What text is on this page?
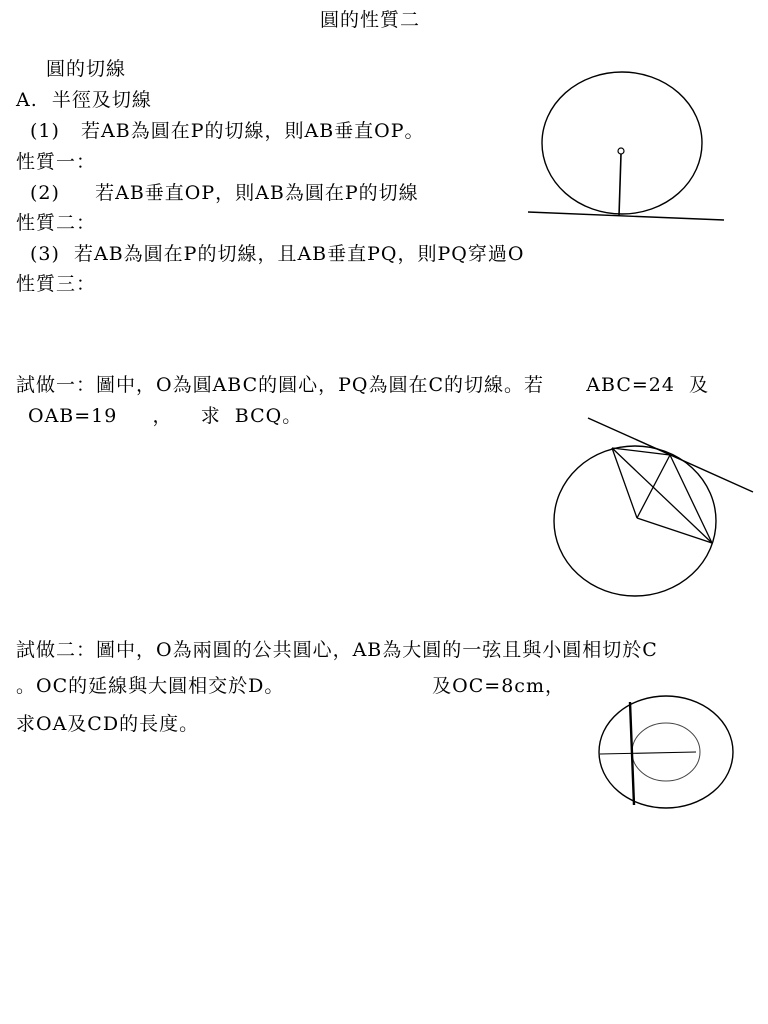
圓的性質二
圓的切線
A.  半徑及切線
(1)   若AB為圓在P的切線，則AB垂直OP。
性質一：
(2)     若AB垂直OP，則AB為圓在P的切線
性質二：
(3)  若AB為圓在P的切線，且AB垂直PQ，則PQ穿過O
性質三：
試做一：圖中，O為圓ABC的圓心，PQ為圓在C的切線。若      ABC=24  及
OAB=19     ，    求  BCQ。
試做二：圖中，O為兩圓的公共圓心，AB為大圓的一弦且與小圓相切於C
。OC的延線與大圓相交於D。                     及OC=8cm，
求OA及CD的長度。
